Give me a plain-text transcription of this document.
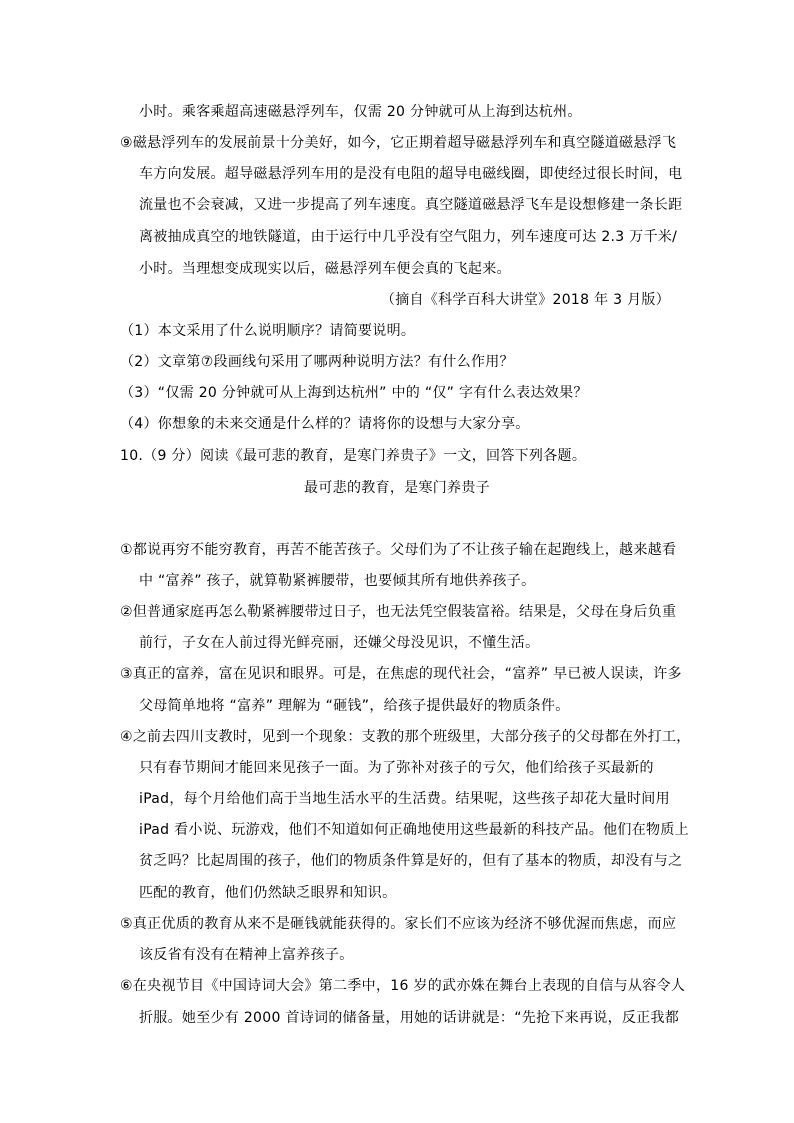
小时。乘客乘超高速磁悬浮列车，仅需 20 分钟就可从上海到达杭州。
⑨磁悬浮列车的发展前景十分美好，如今，它正期着超导磁悬浮列车和真空隧道磁悬浮飞
车方向发展。超导磁悬浮列车用的是没有电阻的超导电磁线圈，即使经过很长时间，电
流量也不会衰减，又进一步提高了列车速度。真空隧道磁悬浮飞车是设想修建一条长距
离被抽成真空的地铁隧道，由于运行中几乎没有空气阻力，列车速度可达 2.3 万千米/
小时。当理想变成现实以后，磁悬浮列车便会真的飞起来。
（摘自《科学百科大讲堂》2018 年 3 月版）
（1）本文采用了什么说明顺序？请简要说明。
（2）文章第⑦段画线句采用了哪两种说明方法？有什么作用？
（3）“仅需 20 分钟就可从上海到达杭州” 中的 “仅” 字有什么表达效果？
（4）你想象的未来交通是什么样的？请将你的设想与大家分享。
10.（9 分）阅读《最可悲的教育，是寒门养贵子》一文，回答下列各题。
最可悲的教育，是寒门养贵子
①都说再穷不能穷教育，再苦不能苦孩子。父母们为了不让孩子输在起跑线上，越来越看
中 “富养” 孩子，就算勒紧裤腰带，也要倾其所有地供养孩子。
②但普通家庭再怎么勒紧裤腰带过日子，也无法凭空假装富裕。结果是，父母在身后负重
前行，子女在人前过得光鲜亮丽，还嫌父母没见识，不懂生活。
③真正的富养，富在见识和眼界。可是，在焦虑的现代社会，“富养” 早已被人误读，许多
父母简单地将 “富养” 理解为 “砸钱”，给孩子提供最好的物质条件。
④之前去四川支教时，见到一个现象：支教的那个班级里，大部分孩子的父母都在外打工，
只有春节期间才能回来见孩子一面。为了弥补对孩子的亏欠，他们给孩子买最新的
iPad，每个月给他们高于当地生活水平的生活费。结果呢，这些孩子却花大量时间用
iPad 看小说、玩游戏，他们不知道如何正确地使用这些最新的科技产品。他们在物质上
贫乏吗？比起周围的孩子，他们的物质条件算是好的，但有了基本的物质，却没有与之
匹配的教育，他们仍然缺乏眼界和知识。
⑤真正优质的教育从来不是砸钱就能获得的。家长们不应该为经济不够优渥而焦虑，而应
该反省有没有在精神上富养孩子。
⑥在央视节目《中国诗词大会》第二季中，16 岁的武亦姝在舞台上表现的自信与从容令人
折服。她至少有 2000 首诗词的储备量，用她的话讲就是：“先抢下来再说，反正我都
